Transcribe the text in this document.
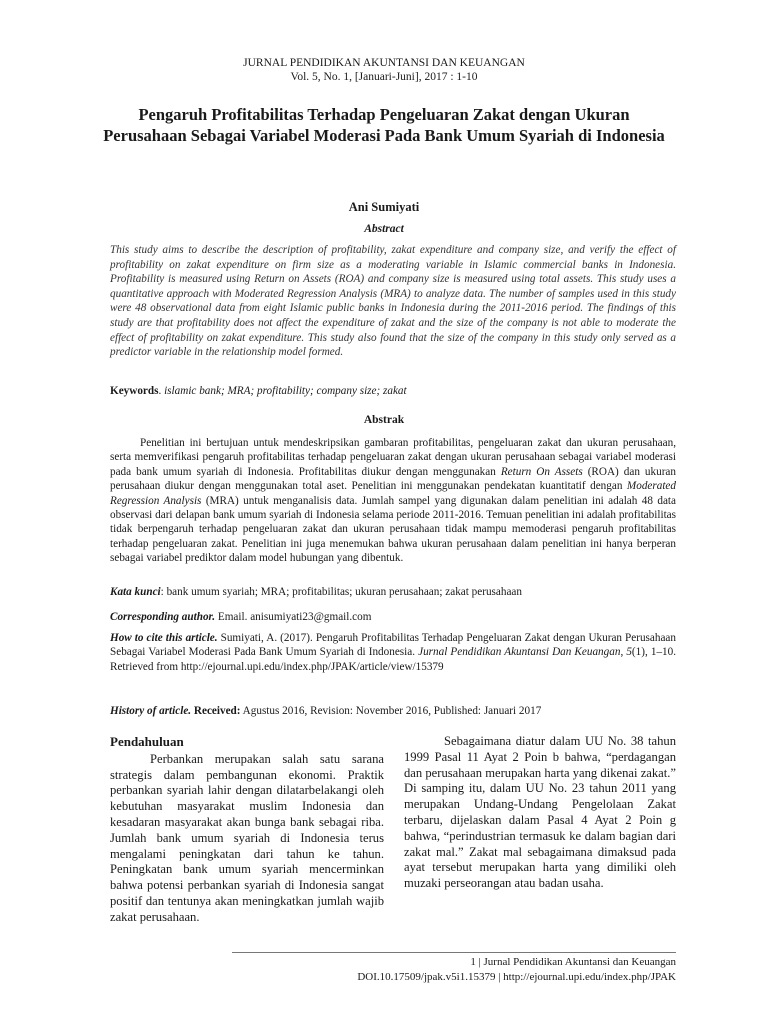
JURNAL PENDIDIKAN AKUNTANSI DAN KEUANGAN
Vol. 5, No. 1, [Januari-Juni], 2017 : 1-10
Pengaruh Profitabilitas Terhadap Pengeluaran Zakat dengan Ukuran Perusahaan Sebagai Variabel Moderasi Pada Bank Umum Syariah di Indonesia
Ani Sumiyati
Abstract
This study aims to describe the description of profitability, zakat expenditure and company size, and verify the effect of profitability on zakat expenditure on firm size as a moderating variable in Islamic commercial banks in Indonesia. Profitability is measured using Return on Assets (ROA) and company size is measured using total assets. This study uses a quantitative approach with Moderated Regression Analysis (MRA) to analyze data. The number of samples used in this study were 48 observational data from eight Islamic public banks in Indonesia during the 2011-2016 period. The findings of this study are that profitability does not affect the expenditure of zakat and the size of the company is not able to moderate the effect of profitability on zakat expenditure. This study also found that the size of the company in this study only served as a predictor variable in the relationship model formed.
Keywords. islamic bank; MRA; profitability; company size; zakat
Abstrak
Penelitian ini bertujuan untuk mendeskripsikan gambaran profitabilitas, pengeluaran zakat dan ukuran perusahaan, serta memverifikasi pengaruh profitabilitas terhadap pengeluaran zakat dengan ukuran perusahaan sebagai variabel moderasi pada bank umum syariah di Indonesia. Profitabilitas diukur dengan menggunakan Return On Assets (ROA) dan ukuran perusahaan diukur dengan menggunakan total aset. Penelitian ini menggunakan pendekatan kuantitatif dengan Moderated Regression Analysis (MRA) untuk menganalisis data. Jumlah sampel yang digunakan dalam penelitian ini adalah 48 data observasi dari delapan bank umum syariah di Indonesia selama periode 2011-2016. Temuan penelitian ini adalah profitabilitas tidak berpengaruh terhadap pengeluaran zakat dan ukuran perusahaan tidak mampu memoderasi pengaruh profitabilitas terhadap pengeluaran zakat. Penelitian ini juga menemukan bahwa ukuran perusahaan dalam penelitian ini hanya berperan sebagai variabel prediktor dalam model hubungan yang dibentuk.
Kata kunci: bank umum syariah; MRA; profitabilitas; ukuran perusahaan; zakat perusahaan
Corresponding author. Email. anisumiyati23@gmail.com
How to cite this article. Sumiyati, A. (2017). Pengaruh Profitabilitas Terhadap Pengeluaran Zakat dengan Ukuran Perusahaan Sebagai Variabel Moderasi Pada Bank Umum Syariah di Indonesia. Jurnal Pendidikan Akuntansi Dan Keuangan, 5(1), 1–10. Retrieved from http://ejournal.upi.edu/index.php/JPAK/article/view/15379
History of article. Received: Agustus 2016, Revision: November 2016, Published: Januari 2017
Pendahuluan
Perbankan merupakan salah satu sarana strategis dalam pembangunan ekonomi. Praktik perbankan syariah lahir dengan dilatarbelakangi oleh kebutuhan masyarakat muslim Indonesia dan kesadaran masyarakat akan bunga bank sebagai riba. Jumlah bank umum syariah di Indonesia terus mengalami peningkatan dari tahun ke tahun. Peningkatan bank umum syariah mencerminkan bahwa potensi perbankan syariah di Indonesia sangat positif dan tentunya akan meningkatkan jumlah wajib zakat perusahaan.
Sebagaimana diatur dalam UU No. 38 tahun 1999 Pasal 11 Ayat 2 Poin b bahwa, “perdagangan dan perusahaan merupakan harta yang dikenai zakat.” Di samping itu, dalam UU No. 23 tahun 2011 yang merupakan Undang-Undang Pengelolaan Zakat terbaru, dijelaskan dalam Pasal 4 Ayat 2 Poin g bahwa, “perindustrian termasuk ke dalam bagian dari zakat mal.” Zakat mal sebagaimana dimaksud pada ayat tersebut merupakan harta yang dimiliki oleh muzaki perseorangan atau badan usaha.
1 | Jurnal Pendidikan Akuntansi dan Keuangan
DOI.10.17509/jpak.v5i1.15379 | http://ejournal.upi.edu/index.php/JPAK
